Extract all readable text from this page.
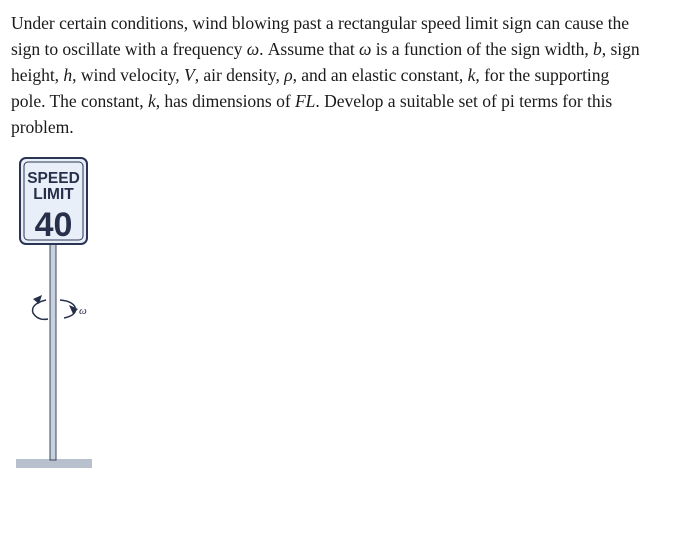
Under certain conditions, wind blowing past a rectangular speed limit sign can cause the
sign to oscillate with a frequency ω. Assume that ω is a function of the sign width, b, sign
height, h, wind velocity, V, air density, ρ, and an elastic constant, k, for the supporting
pole. The constant, k, has dimensions of FL. Develop a suitable set of pi terms for this
problem.
SPEED
LIMIT
40
ω
